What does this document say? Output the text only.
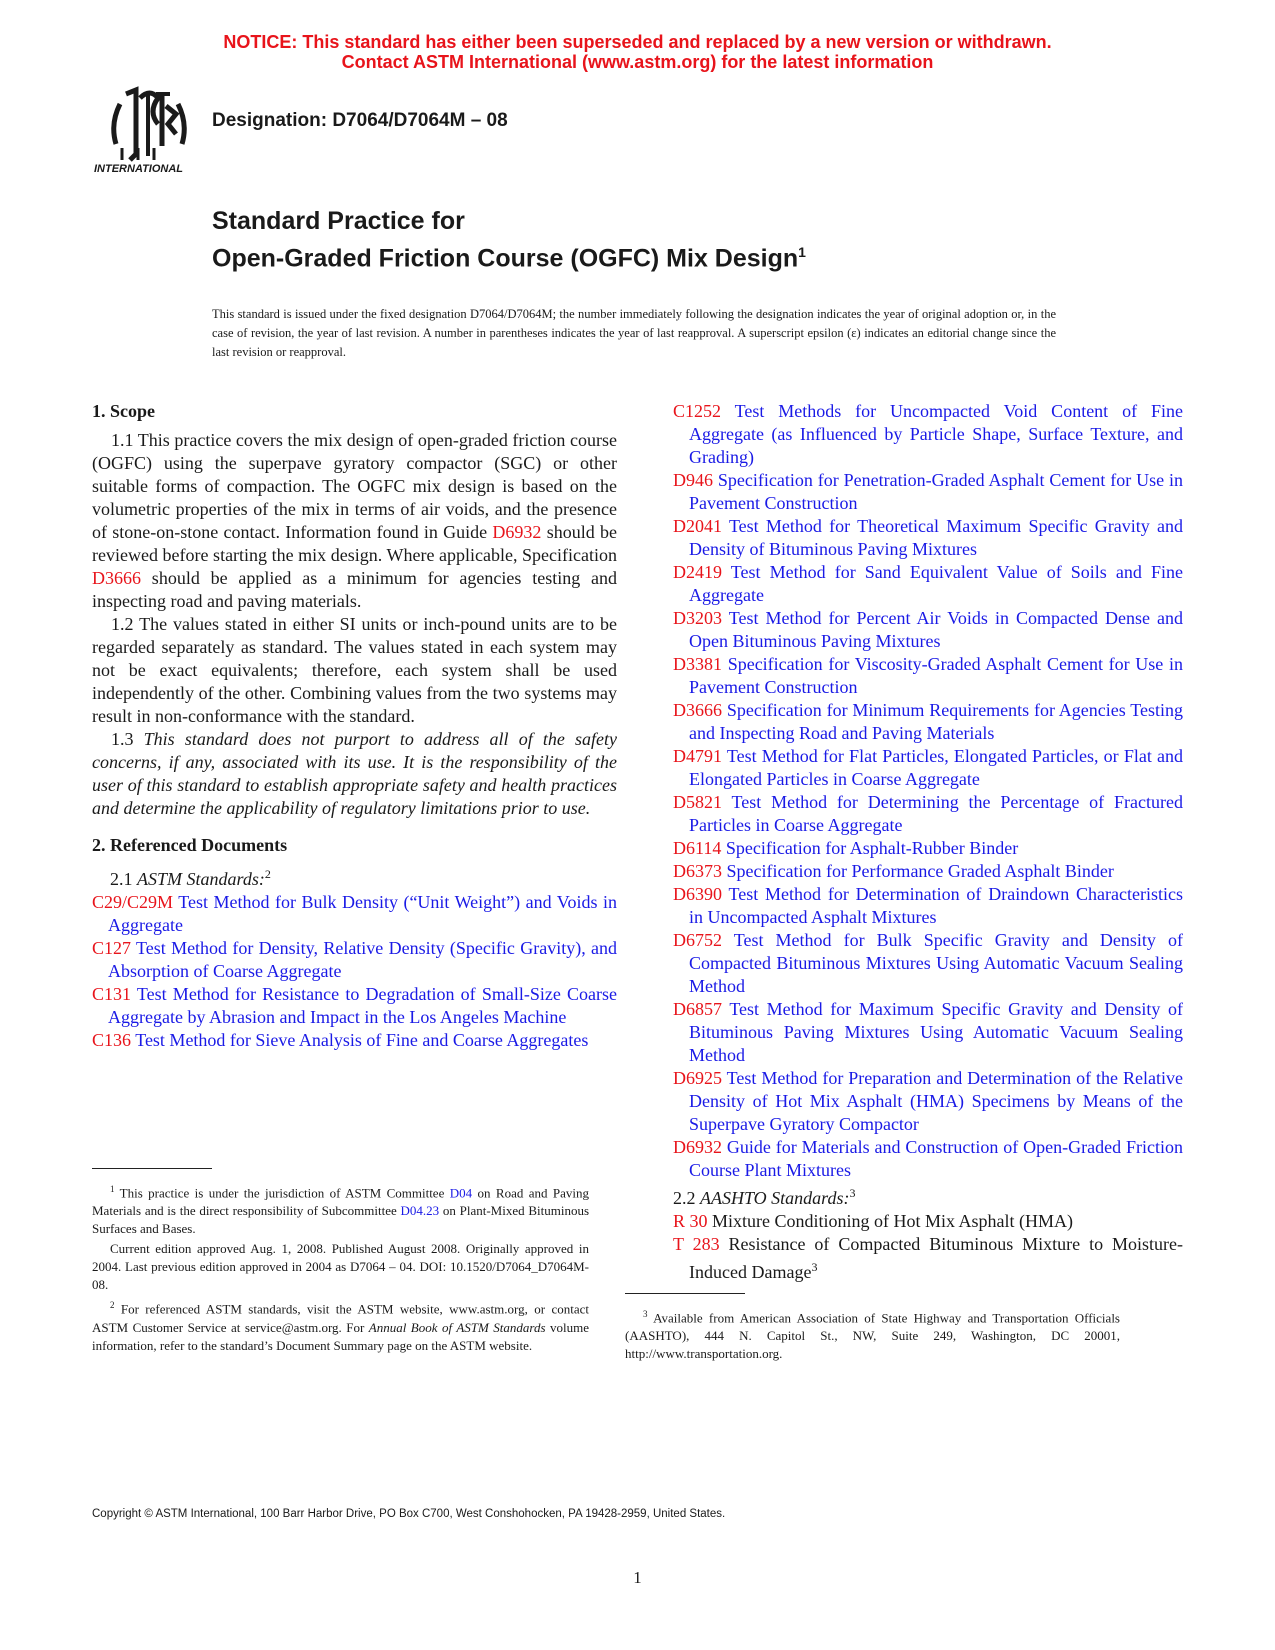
NOTICE: This standard has either been superseded and replaced by a new version or withdrawn.
Contact ASTM International (www.astm.org) for the latest information
INTERNATIONAL
Designation: D7064/D7064M – 08
Standard Practice for
Open-Graded Friction Course (OGFC) Mix Design$^1$
This standard is issued under the fixed designation D7064/D7064M; the number immediately following the designation indicates the year of original adoption or, in the case of revision, the year of last revision. A number in parentheses indicates the year of last reapproval. A superscript epsilon (ε) indicates an editorial change since the last revision or reapproval.
1. Scope

1.1 This practice covers the mix design of open-graded friction course (OGFC) using the superpave gyratory compactor (SGC) or other suitable forms of compaction. The OGFC mix design is based on the volumetric properties of the mix in terms of air voids, and the presence of stone-on-stone contact. Information found in Guide D6932 should be reviewed before starting the mix design. Where applicable, Specification D3666 should be applied as a minimum for agencies testing and inspecting road and paving materials.

1.2 The values stated in either SI units or inch-pound units are to be regarded separately as standard. The values stated in each system may not be exact equivalents; therefore, each system shall be used independently of the other. Combining values from the two systems may result in non-conformance with the standard.

1.3 This standard does not purport to address all of the safety concerns, if any, associated with its use. It is the responsibility of the user of this standard to establish appropriate safety and health practices and determine the applicability of regulatory limitations prior to use.

2. Referenced Documents
2.1 ASTM Standards:$^2$
C29/C29M Test Method for Bulk Density (“Unit Weight”) and Voids in Aggregate
C127 Test Method for Density, Relative Density (Specific Gravity), and Absorption of Coarse Aggregate
C131 Test Method for Resistance to Degradation of Small-Size Coarse Aggregate by Abrasion and Impact in the Los Angeles Machine
C136 Test Method for Sieve Analysis of Fine and Coarse Aggregates
C1252 Test Methods for Uncompacted Void Content of Fine Aggregate (as Influenced by Particle Shape, Surface Texture, and Grading)
D946 Specification for Penetration-Graded Asphalt Cement for Use in Pavement Construction
D2041 Test Method for Theoretical Maximum Specific Gravity and Density of Bituminous Paving Mixtures
D2419 Test Method for Sand Equivalent Value of Soils and Fine Aggregate
D3203 Test Method for Percent Air Voids in Compacted Dense and Open Bituminous Paving Mixtures
D3381 Specification for Viscosity-Graded Asphalt Cement for Use in Pavement Construction
D3666 Specification for Minimum Requirements for Agencies Testing and Inspecting Road and Paving Materials
D4791 Test Method for Flat Particles, Elongated Particles, or Flat and Elongated Particles in Coarse Aggregate
D5821 Test Method for Determining the Percentage of Fractured Particles in Coarse Aggregate
D6114 Specification for Asphalt-Rubber Binder
D6373 Specification for Performance Graded Asphalt Binder
D6390 Test Method for Determination of Draindown Characteristics in Uncompacted Asphalt Mixtures
D6752 Test Method for Bulk Specific Gravity and Density of Compacted Bituminous Mixtures Using Automatic Vacuum Sealing Method
D6857 Test Method for Maximum Specific Gravity and Density of Bituminous Paving Mixtures Using Automatic Vacuum Sealing Method
D6925 Test Method for Preparation and Determination of the Relative Density of Hot Mix Asphalt (HMA) Specimens by Means of the Superpave Gyratory Compactor
D6932 Guide for Materials and Construction of Open-Graded Friction Course Plant Mixtures
2.2 AASHTO Standards:$^3$
R 30 Mixture Conditioning of Hot Mix Asphalt (HMA)
T 283 Resistance of Compacted Bituminous Mixture to Moisture-Induced Damage$^3$

$^1$ This practice is under the jurisdiction of ASTM Committee D04 on Road and Paving Materials and is the direct responsibility of Subcommittee D04.23 on Plant-Mixed Bituminous Surfaces and Bases.

Current edition approved Aug. 1, 2008. Published August 2008. Originally approved in 2004. Last previous edition approved in 2004 as D7064 – 04. DOI: 10.1520/D7064_D7064M-08.

$^2$ For referenced ASTM standards, visit the ASTM website, www.astm.org, or contact ASTM Customer Service at service@astm.org. For Annual Book of ASTM Standards volume information, refer to the standard’s Document Summary page on the ASTM website.

$^3$ Available from American Association of State Highway and Transportation Officials (AASHTO), 444 N. Capitol St., NW, Suite 249, Washington, DC 20001, http://www.transportation.org.

Copyright © ASTM International, 100 Barr Harbor Drive, PO Box C700, West Conshohocken, PA 19428-2959, United States.
1
